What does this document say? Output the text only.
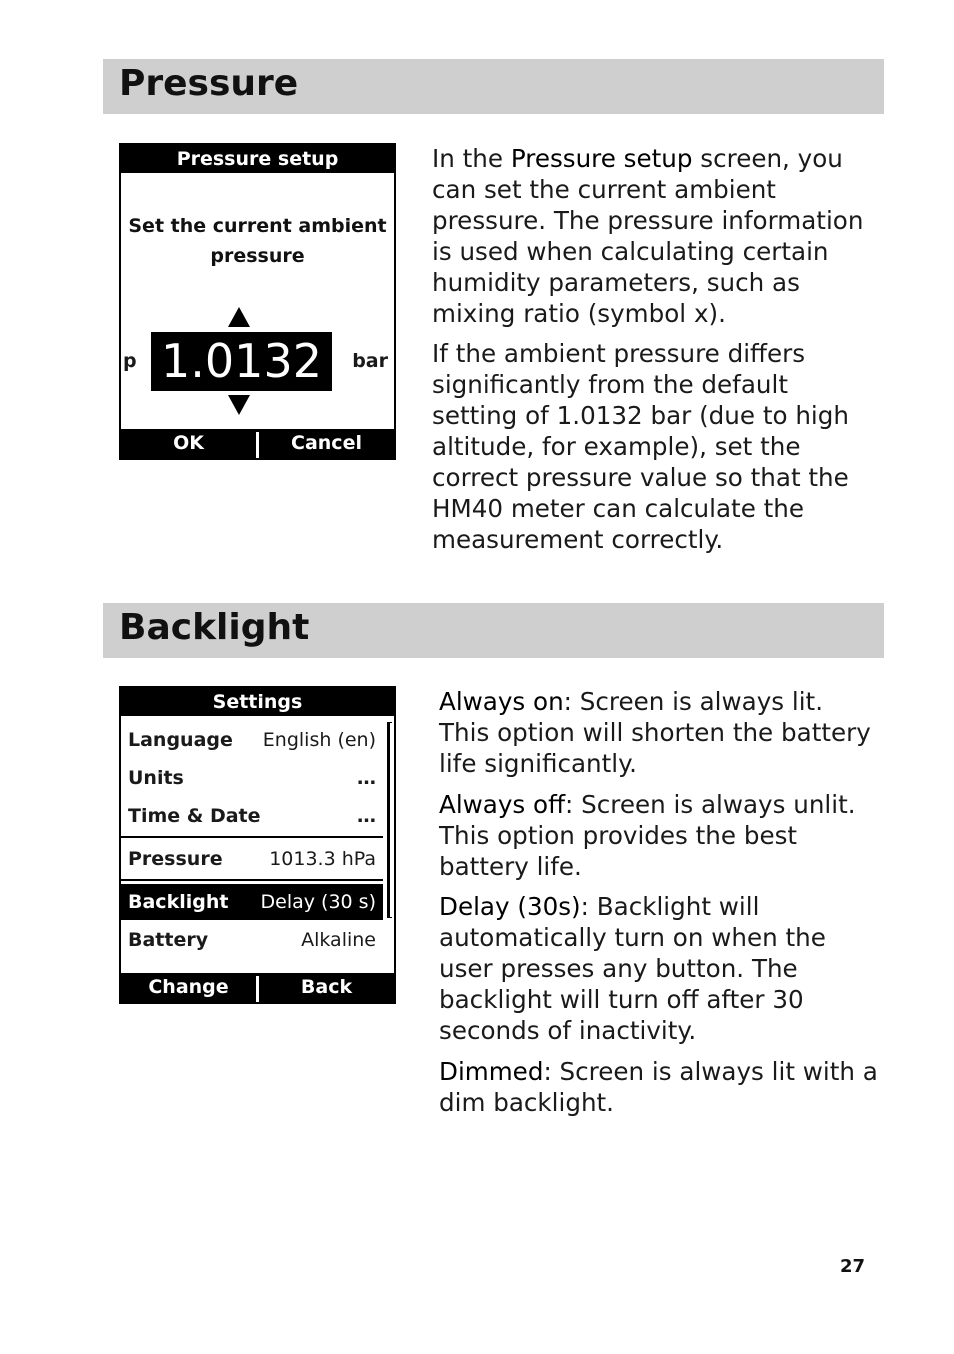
Pressure
Pressure setup
Set the current ambient
pressure
p 1.0132	bar
OK	Cancel

In the Pressure setup screen, you can set the current ambient pressure. The pressure information is used when calculating certain humidity parameters, such as mixing ratio (symbol x).

If the ambient pressure differs significantly from the default setting of 1.0132 bar (due to high altitude, for example), set the correct pressure value so that the HM40 meter can calculate the measurement correctly.

Backlight
Settings
Language English (en)
Units	…
Time & Date	…
Pressure 1013.3 hPa
Backlight Delay (30 s)
Battery	Alkaline
Change	Back

Always on: Screen is always lit. This option will shorten the battery life significantly.

Always off: Screen is always unlit. This option provides the best battery life.

Delay (30s): Backlight will automatically turn on when the user presses any button. The backlight will turn off after 30 seconds of inactivity.

Dimmed: Screen is always lit with a dim backlight.

27
